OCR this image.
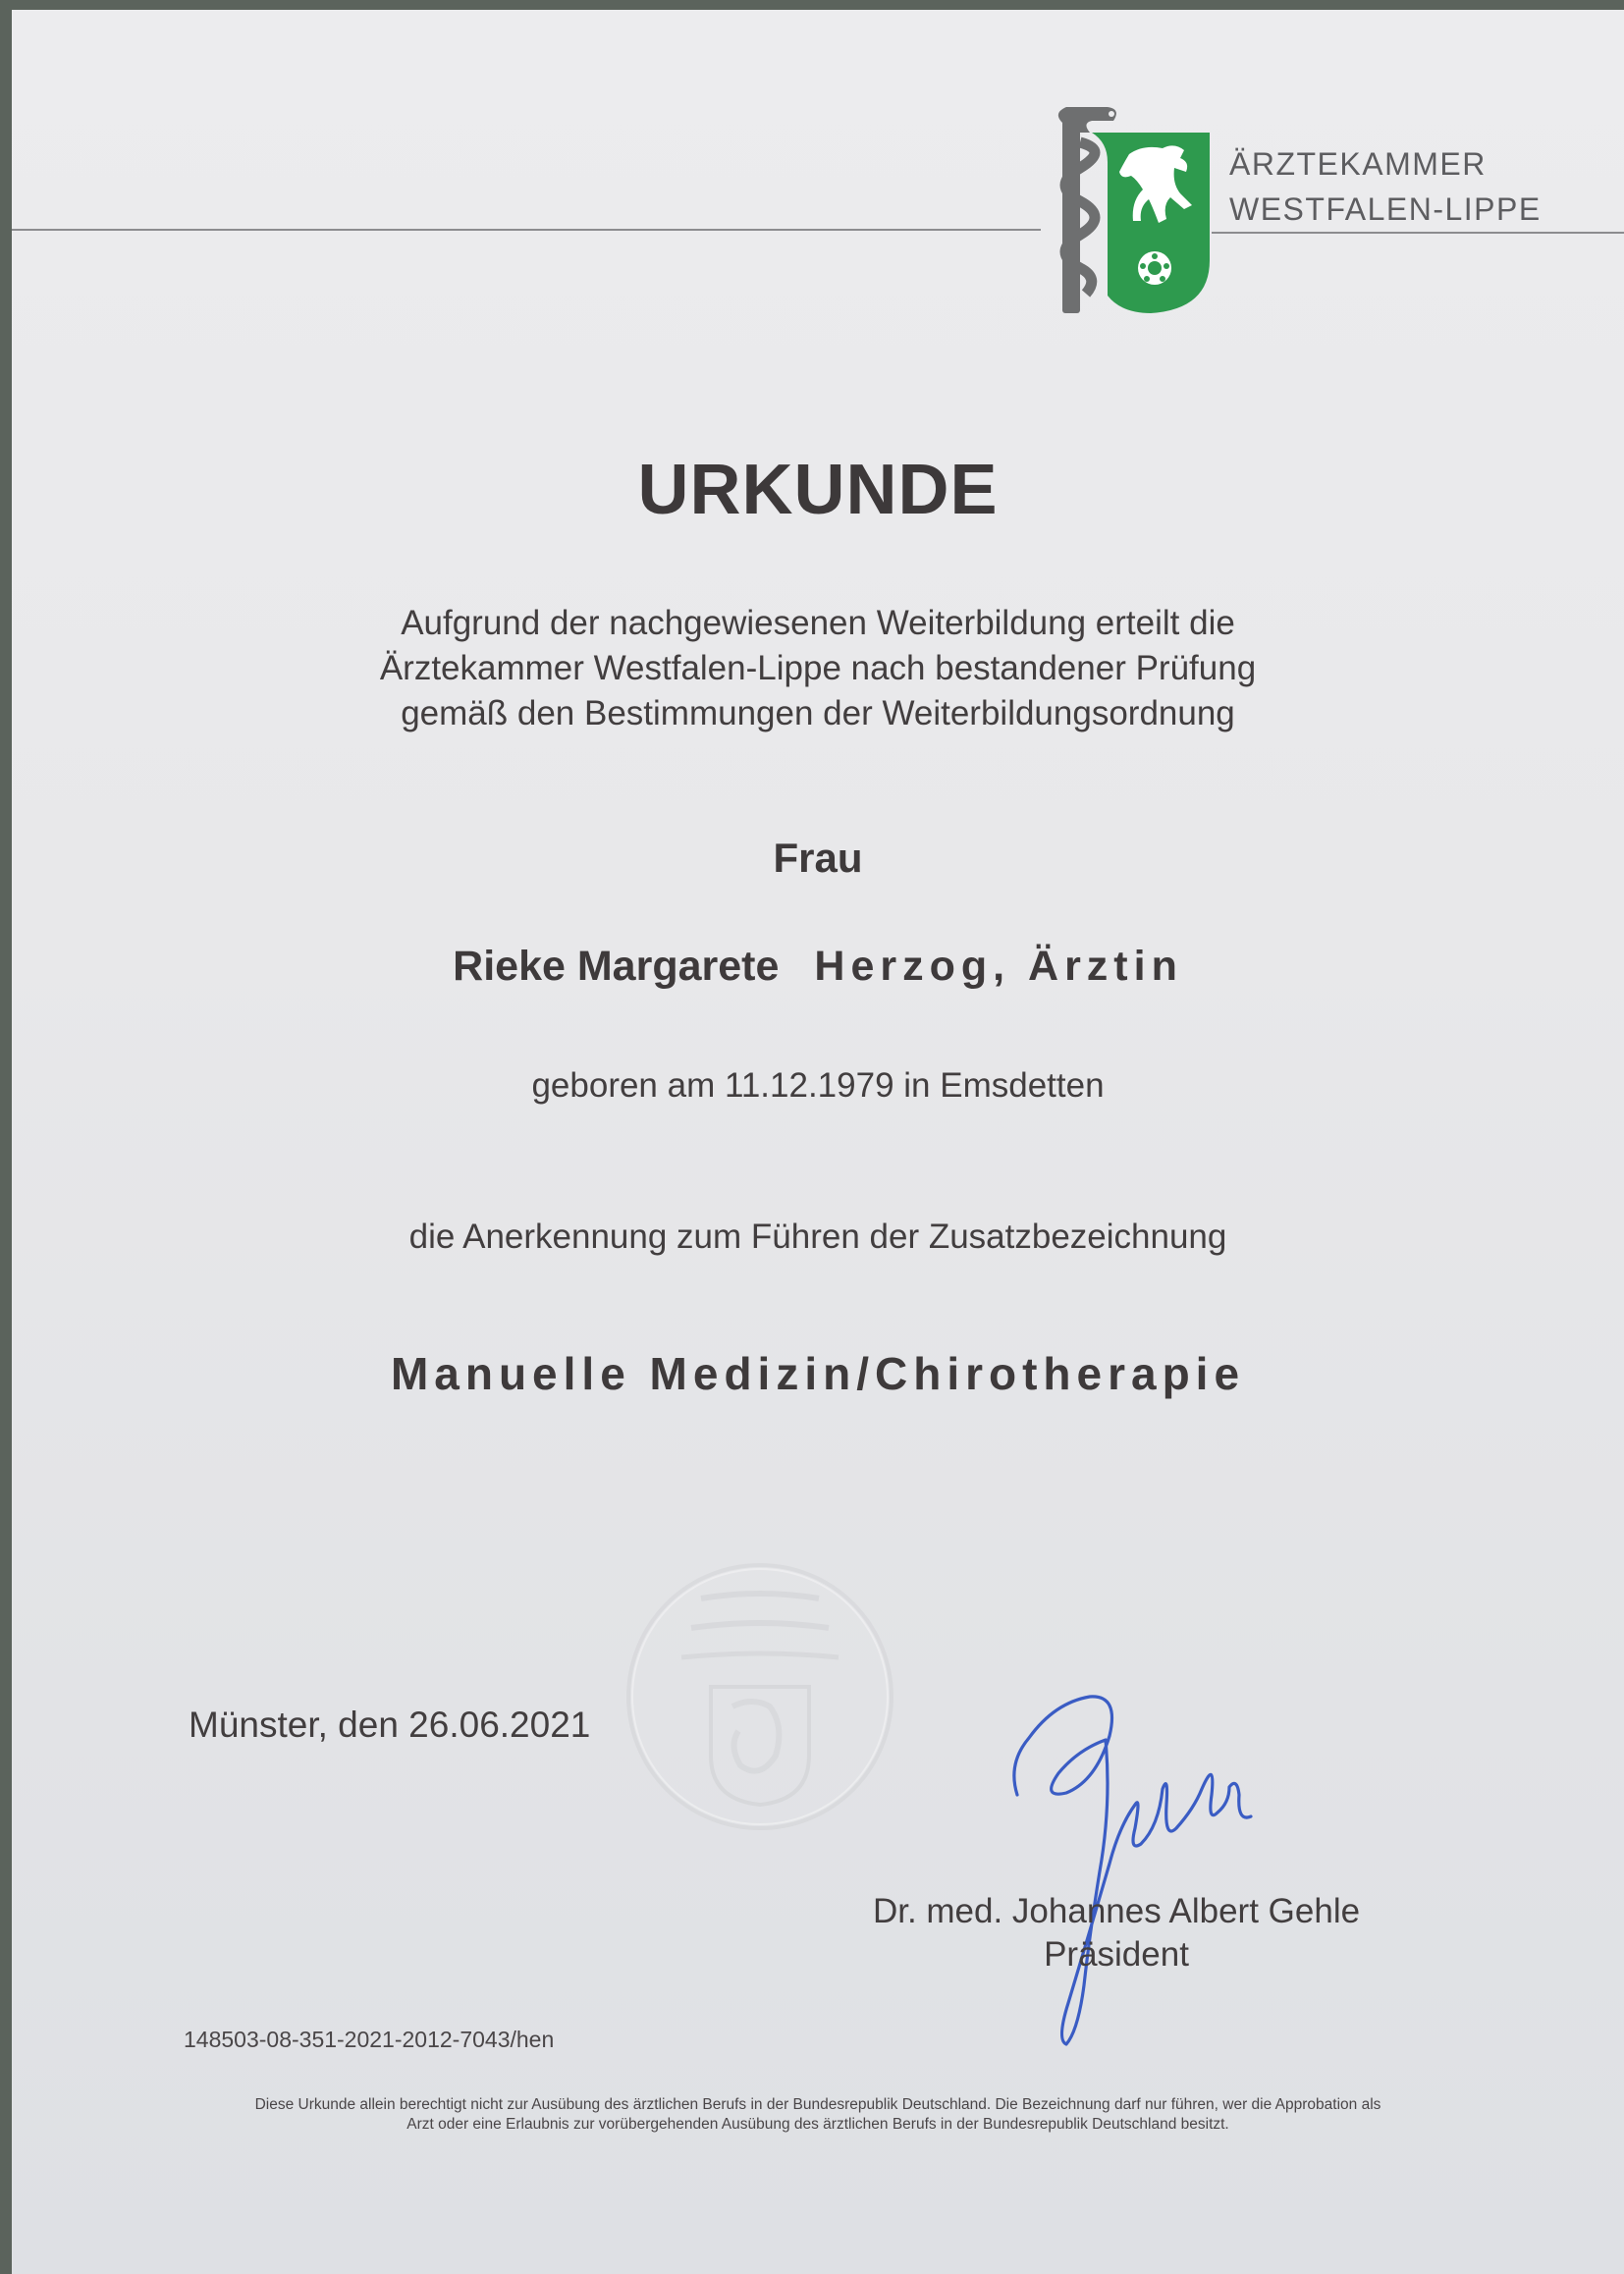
ÄRZTEKAMMER
WESTFALEN-LIPPE
URKUNDE
Aufgrund der nachgewiesenen Weiterbildung erteilt die
Ärztekammer Westfalen-Lippe nach bestandener Prüfung
gemäß den Bestimmungen der Weiterbildungsordnung
Frau
Rieke Margarete Herzog, Ärztin
geboren am 11.12.1979 in Emsdetten
die Anerkennung zum Führen der Zusatzbezeichnung
Manuelle Medizin/Chirotherapie
Münster, den 26.06.2021
Dr. med. Johannes Albert Gehle
Präsident
148503-08-351-2021-2012-7043/hen
Diese Urkunde allein berechtigt nicht zur Ausübung des ärztlichen Berufs in der Bundesrepublik Deutschland. Die Bezeichnung darf nur führen, wer die Approbation als
Arzt oder eine Erlaubnis zur vorübergehenden Ausübung des ärztlichen Berufs in der Bundesrepublik Deutschland besitzt.
